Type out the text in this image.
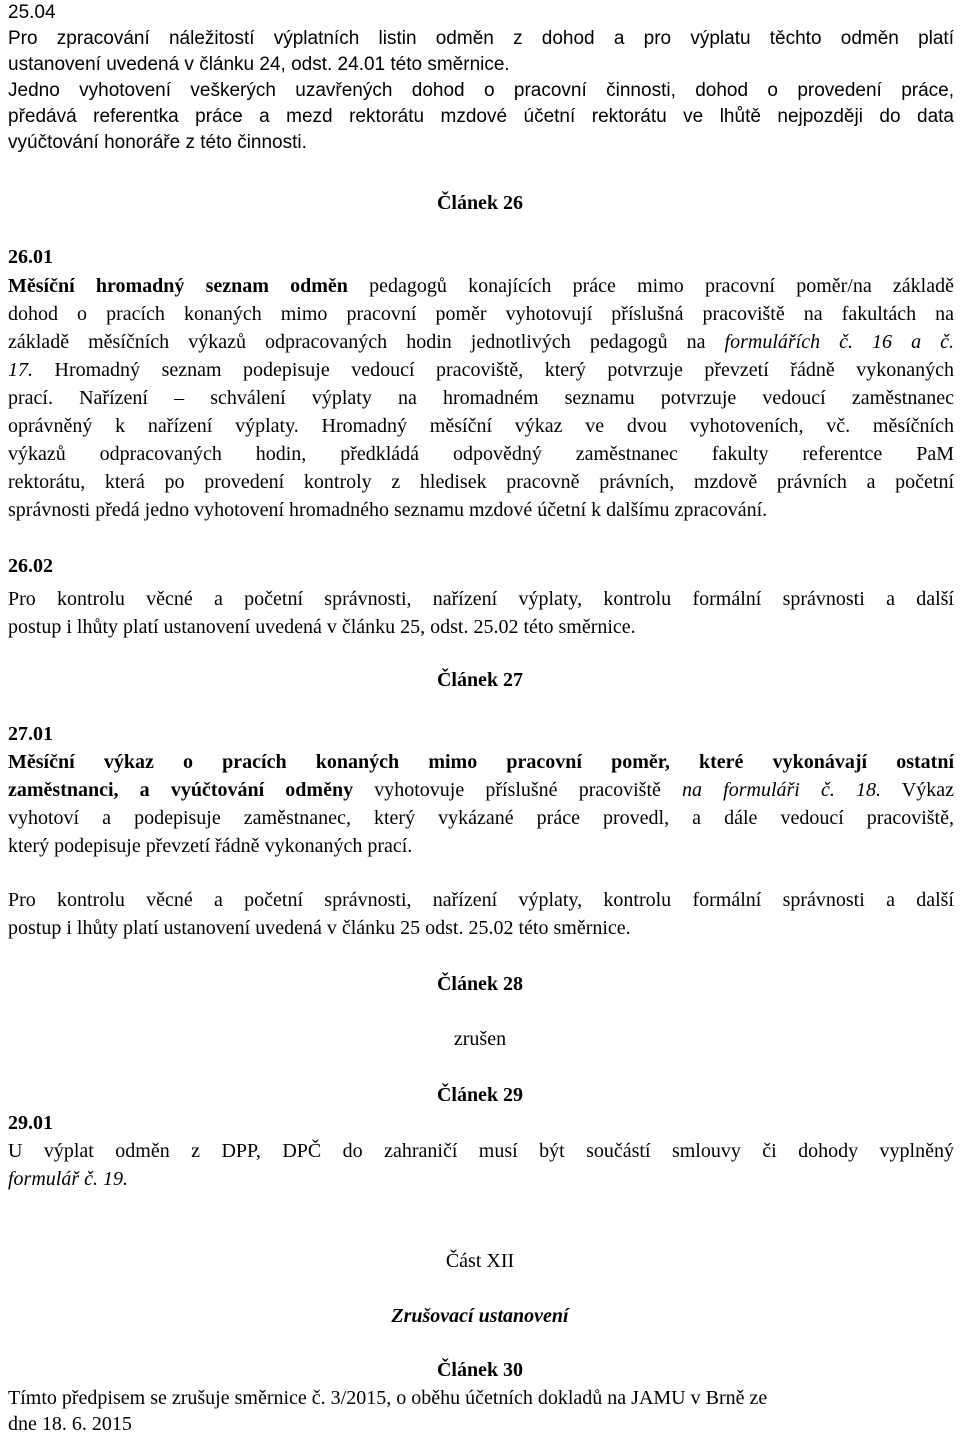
25.04
Pro zpracování náležitostí výplatních listin odměn z dohod a pro výplatu těchto odměn platí
ustanovení uvedená v článku 24, odst. 24.01 této směrnice.
Jedno vyhotovení veškerých uzavřených dohod o pracovní činnosti, dohod o provedení práce,
předává referentka práce a mezd rektorátu mzdové účetní rektorátu ve lhůtě nejpozději do data
vyúčtování honoráře z této činnosti.
Článek 26
26.01
Měsíční hromadný seznam odměn pedagogů konajících práce mimo pracovní poměr/na základě
dohod o pracích konaných mimo pracovní poměr vyhotovují příslušná pracoviště na fakultách na
základě měsíčních výkazů odpracovaných hodin jednotlivých pedagogů na formulářích č. 16 a č.
17. Hromadný seznam podepisuje vedoucí pracoviště, který potvrzuje převzetí řádně vykonaných
prací. Nařízení – schválení výplaty na hromadném seznamu potvrzuje vedoucí zaměstnanec
oprávněný k nařízení výplaty. Hromadný měsíční výkaz ve dvou vyhotoveních, vč. měsíčních
výkazů odpracovaných hodin, předkládá odpovědný zaměstnanec fakulty referentce PaM
rektorátu, která po provedení kontroly z hledisek pracovně právních, mzdově právních a početní
správnosti předá jedno vyhotovení hromadného seznamu mzdové účetní k dalšímu zpracování.
26.02
Pro kontrolu věcné a početní správnosti, nařízení výplaty, kontrolu formální správnosti a další
postup i lhůty platí ustanovení uvedená v článku 25, odst. 25.02 této směrnice.
Článek 27
27.01
Měsíční výkaz o pracích konaných mimo pracovní poměr, které vykonávají ostatní
zaměstnanci, a vyúčtování odměny vyhotovuje příslušné pracoviště na formuláři č. 18. Výkaz
vyhotoví a podepisuje zaměstnanec, který vykázané práce provedl, a dále vedoucí pracoviště,
který podepisuje převzetí řádně vykonaných prací.
Pro kontrolu věcné a početní správnosti, nařízení výplaty, kontrolu formální správnosti a další
postup i lhůty platí ustanovení uvedená v článku 25 odst. 25.02 této směrnice.
Článek 28
zrušen
Článek 29
29.01
U výplat odměn z DPP, DPČ do zahraničí musí být součástí smlouvy či dohody vyplněný
formulář č. 19.
Část XII
Zrušovací ustanovení
Článek 30
Tímto předpisem se zrušuje směrnice č. 3/2015, o oběhu účetních dokladů na JAMU v Brně ze
dne 18. 6. 2015
